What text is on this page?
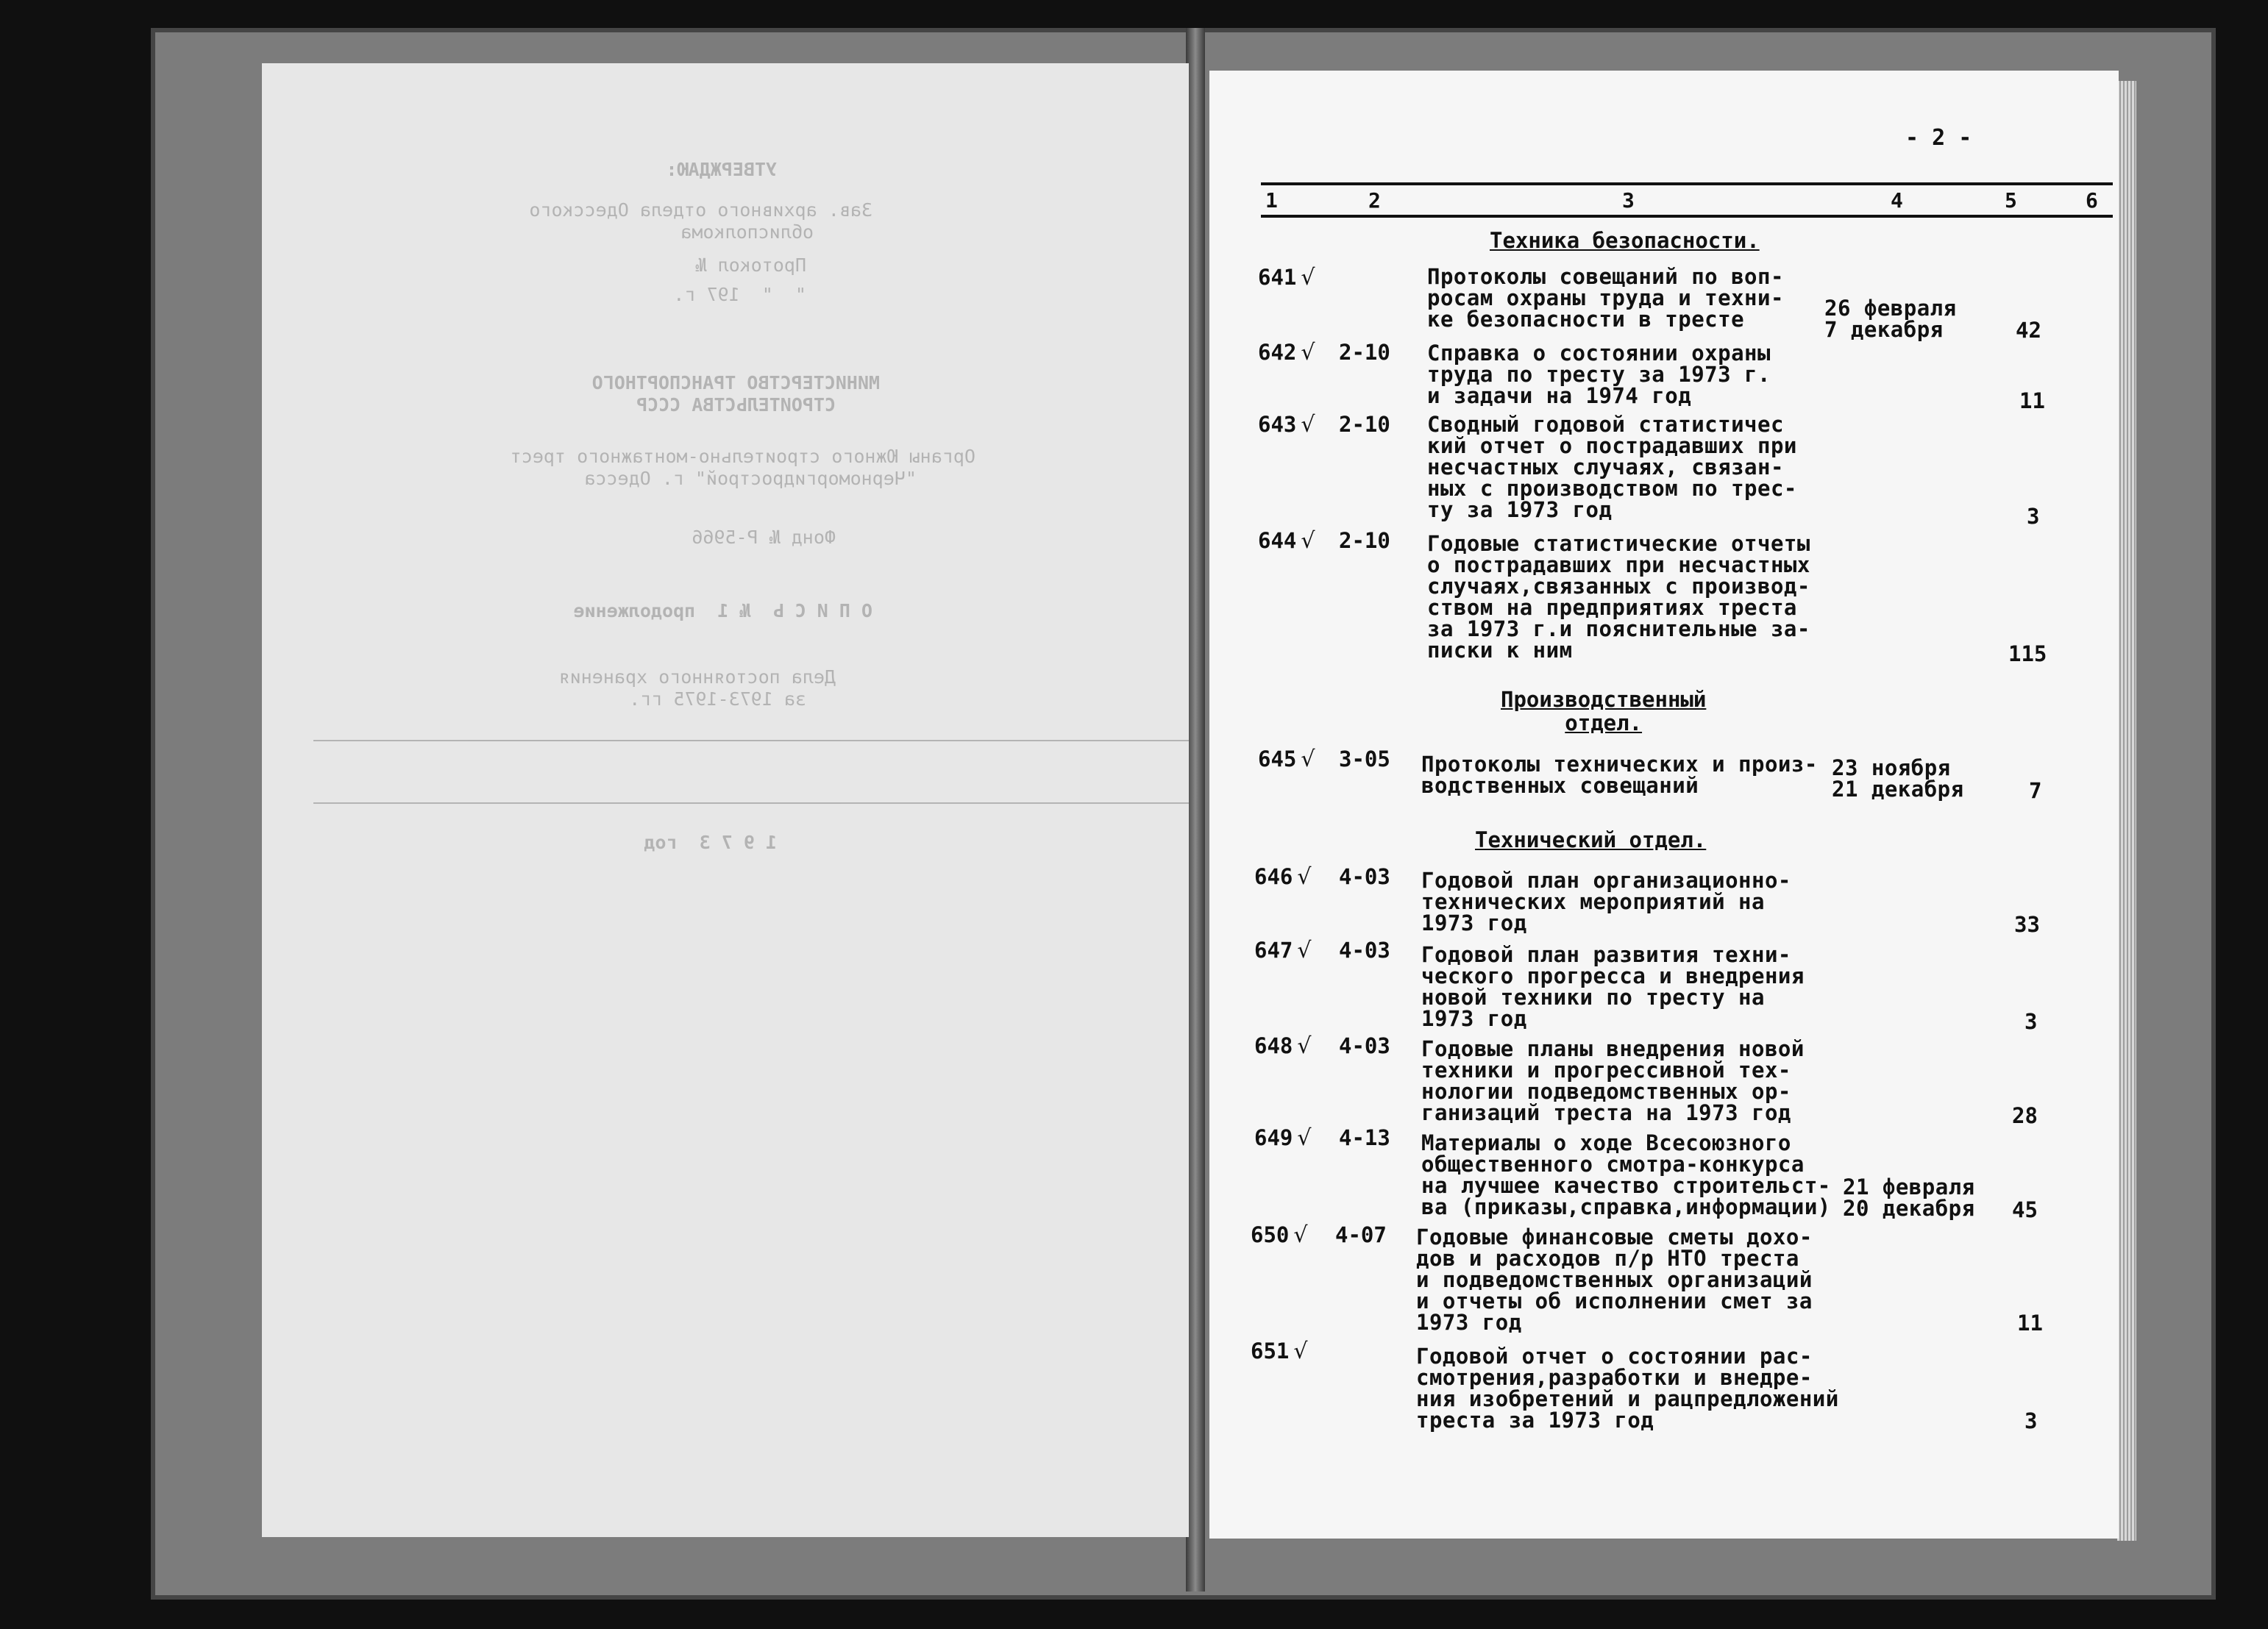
УТВЕРЖДАЮ:
Зав. архивного отдела Одесского
облисполкома
Протокол №
"  "  197 г.
МИНИСТЕРСТВО ТРАНСПОРТНОГО
СТРОИТЕЛЬСТВА СССР
Органы Южного строительно-монтажного трест
"Черноморгидрострой" г. Одесса
Фонд № Р-5966
О П И С Ь  № 1  продолжение
Дела постоянного хранения
за 1973-1975 гг.
1 9 7 3  год
- 2 -
1	2	3	4	5	6
Техника безопасности.
641 √	Протоколы совещаний по воп-
росам охраны труда и техни-
ке безопасности в тресте	26 февраля
7 декабря	42
642 √ 2-10 Справка о состоянии охраны
труда по тресту за 1973 г.
и задачи на 1974 год	11
643 √ 2-10 Сводный годовой статистичес
кий отчет о пострадавших при
несчастных случаях, связан-
ных с производством по трес-
ту за 1973 год	3
644 √ 2-10 Годовые статистические отчеты
о пострадавших при несчастных
случаях,связанных с производ-
ством на предприятиях треста
за 1973 г.и пояснительные за-
писки к ним	115
Производственный
отдел.
645 √ 3-05 Протоколы технических и произ-
водственных совещаний
23 ноября
21 декабря	7
Технический отдел.
646 √ 4-03 Годовой план организационно-
технических мероприятий на
1973 год	33
647 √ 4-03 Годовой план развития техни-
ческого прогресса и внедрения
новой техники по тресту на
1973 год	3
648 √ 4-03 Годовые планы внедрения новой
техники и прогрессивной тех-
нологии подведомственных ор-
ганизаций треста на 1973 год	28
649 √ 4-13 Материалы о ходе Всесоюзного
общественного смотра-конкурса
на лучшее качество строительст-
ва (приказы,справка,информации)
21 февраля
20 декабря 45
650 √ 4-07 Годовые финансовые сметы дохо-
дов и расходов п/р НТО треста
и подведомственных организаций
и отчеты об исполнении смет за
1973 год	11
651 √	Годовой отчет о состоянии рас-
смотрения,разработки и внедре-
ния изобретений и рацпредложений
треста за 1973 год	3
